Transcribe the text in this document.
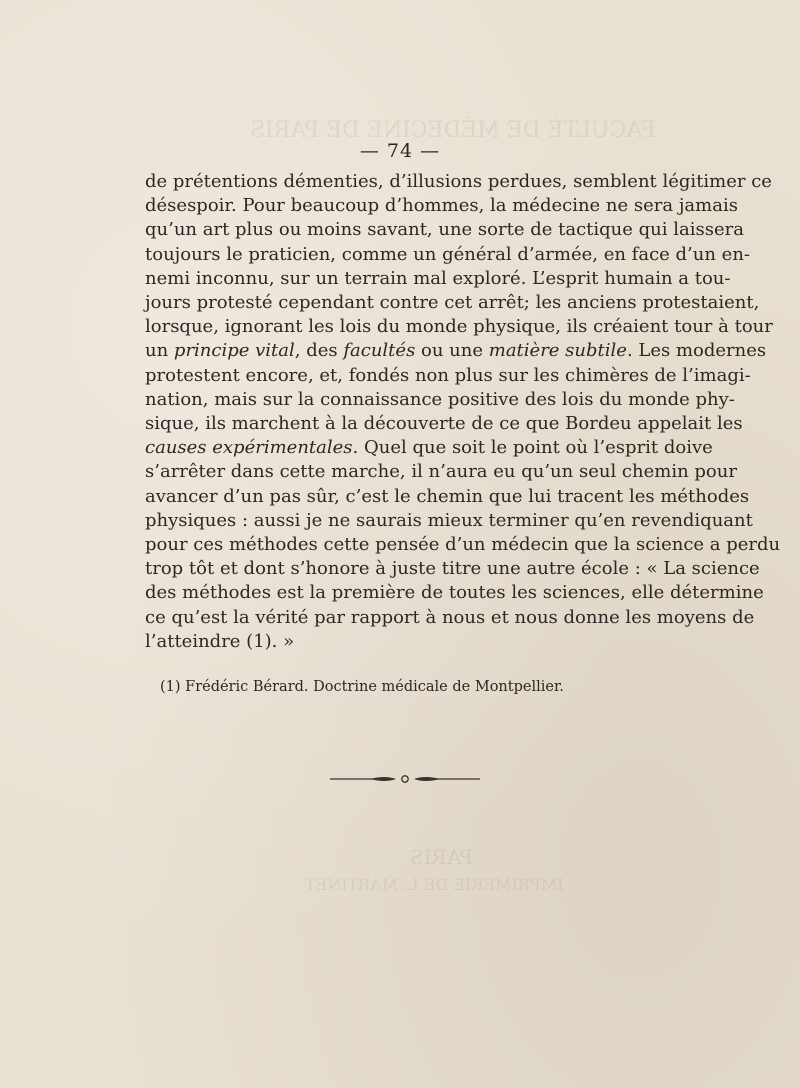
FACULTÉ DE MÉDECINE DE PARIS
— 74 —
de prétentions démenties, d’illusions perdues, semblent légitimer ce
désespoir. Pour beaucoup d’hommes, la médecine ne sera jamais
qu’un art plus ou moins savant, une sorte de tactique qui laissera
toujours le praticien, comme un général d’armée, en face d’un en-
nemi inconnu, sur un terrain mal exploré. L’esprit humain a tou-
jours protesté cependant contre cet arrêt; les anciens protestaient,
lorsque, ignorant les lois du monde physique, ils créaient tour à tour
un principe vital, des facultés ou une matière subtile. Les modernes
protestent encore, et, fondés non plus sur les chimères de l’imagi-
nation, mais sur la connaissance positive des lois du monde phy-
sique, ils marchent à la découverte de ce que Bordeu appelait les
causes expérimentales. Quel que soit le point où l’esprit doive
s’arrêter dans cette marche, il n’aura eu qu’un seul chemin pour
avancer d’un pas sûr, c’est le chemin que lui tracent les méthodes
physiques : aussi je ne saurais mieux terminer qu’en revendiquant
pour ces méthodes cette pensée d’un médecin que la science a perdu
trop tôt et dont s’honore à juste titre une autre école : « La science
des méthodes est la première de toutes les sciences, elle détermine
ce qu’est la vérité par rapport à nous et nous donne les moyens de
l’atteindre (1). »
(1) Frédéric Bérard. Doctrine médicale de Montpellier.
PARIS
IMPRIMERIE DE L. MARTINET
